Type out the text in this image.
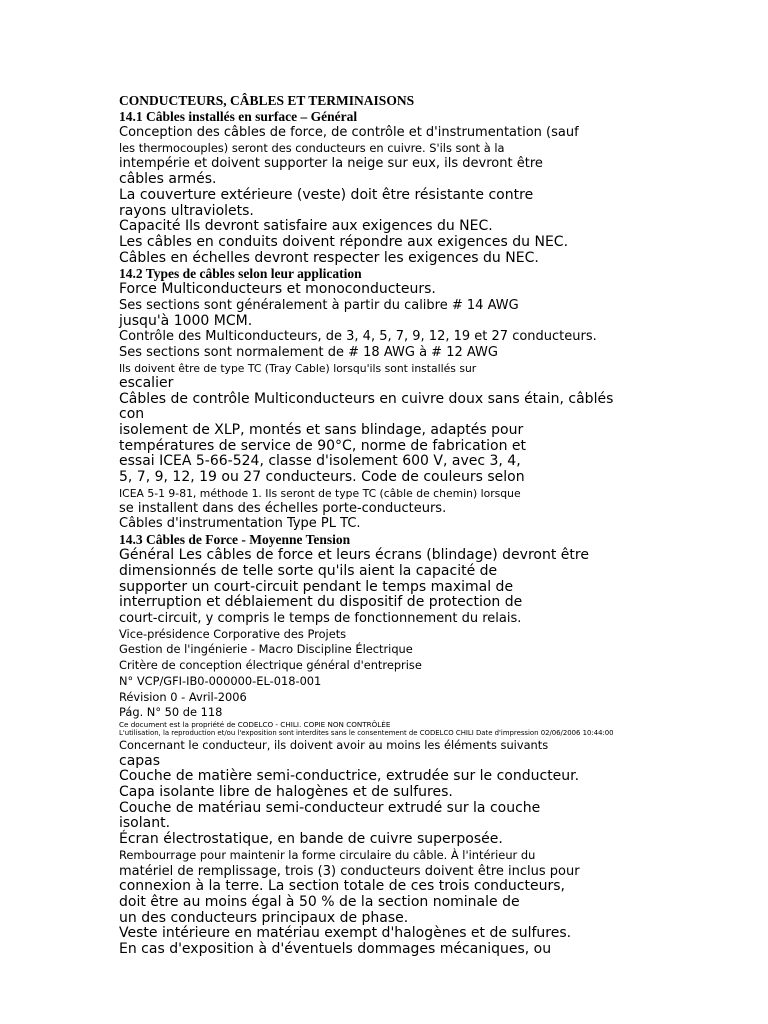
CONDUCTEURS, CÂBLES ET TERMINAISONS
14.1 Câbles installés en surface – Général
Conception des câbles de force, de contrôle et d'instrumentation (sauf
les thermocouples) seront des conducteurs en cuivre. S'ils sont à la
intempérie et doivent supporter la neige sur eux, ils devront être
câbles armés.
La couverture extérieure (veste) doit être résistante contre
rayons ultraviolets.
Capacité Ils devront satisfaire aux exigences du NEC.
Les câbles en conduits doivent répondre aux exigences du NEC.
Câbles en échelles devront respecter les exigences du NEC.
14.2 Types de câbles selon leur application
Force Multiconducteurs et monoconducteurs.
Ses sections sont généralement à partir du calibre # 14 AWG
jusqu'à 1000 MCM.
Contrôle des Multiconducteurs, de 3, 4, 5, 7, 9, 12, 19 et 27 conducteurs.
Ses sections sont normalement de # 18 AWG à # 12 AWG
Ils doivent être de type TC (Tray Cable) lorsqu'ils sont installés sur
escalier
Câbles de contrôle Multiconducteurs en cuivre doux sans étain, câblés
con
isolement de XLP, montés et sans blindage, adaptés pour
températures de service de 90°C, norme de fabrication et
essai ICEA 5-66-524, classe d'isolement 600 V, avec 3, 4,
5, 7, 9, 12, 19 ou 27 conducteurs. Code de couleurs selon
ICEA 5-1 9-81, méthode 1. Ils seront de type TC (câble de chemin) lorsque
se installent dans des échelles porte-conducteurs.
Câbles d'instrumentation Type PL TC.
14.3 Câbles de Force - Moyenne Tension
Général Les câbles de force et leurs écrans (blindage) devront être
dimensionnés de telle sorte qu'ils aient la capacité de
supporter un court-circuit pendant le temps maximal de
interruption et déblaiement du dispositif de protection de
court-circuit, y compris le temps de fonctionnement du relais.
Vice-présidence Corporative des Projets
Gestion de l'ingénierie - Macro Discipline Électrique
Critère de conception électrique général d'entreprise
N° VCP/GFI-IB0-000000-EL-018-001
Révision 0 - Avril-2006
Pág. N° 50 de 118
Ce document est la propriété de CODELCO - CHILI. COPIE NON CONTRÔLÉE
L'utilisation, la reproduction et/ou l'exposition sont interdites sans le consentement de CODELCO CHILI Date d'impression 02/06/2006 10:44:00
Concernant le conducteur, ils doivent avoir au moins les éléments suivants
capas
Couche de matière semi-conductrice, extrudée sur le conducteur.
Capa isolante libre de halogènes et de sulfures.
Couche de matériau semi-conducteur extrudé sur la couche
isolant.
Écran électrostatique, en bande de cuivre superposée.
Rembourrage pour maintenir la forme circulaire du câble. À l'intérieur du
matériel de remplissage, trois (3) conducteurs doivent être inclus pour
connexion à la terre. La section totale de ces trois conducteurs,
doit être au moins égal à 50 % de la section nominale de
un des conducteurs principaux de phase.
Veste intérieure en matériau exempt d'halogènes et de sulfures.
En cas d'exposition à d'éventuels dommages mécaniques, ou
